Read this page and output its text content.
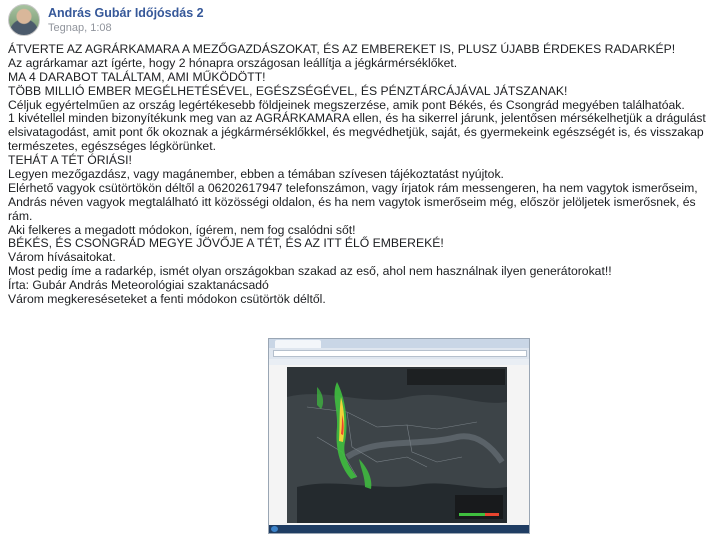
András Gubár Időjósdás 2
Tegnap, 1:08
ÁTVERTE AZ AGRÁRKAMARA A MEZŐGAZDÁSZOKAT, ÉS AZ EMBEREKET IS, PLUSZ ÚJABB ÉRDEKES RADARKÉP!
Az agrárkamar azt ígérte, hogy 2 hónapra országosan leállítja a jégkármérséklőket.
MA 4 DARABOT TALÁLTAM, AMI MŰKÖDÖTT!
TÖBB MILLIÓ EMBER MEGÉLHETÉSÉVEL, EGÉSZSÉGÉVEL, ÉS PÉNZTÁRCÁJÁVAL JÁTSZANAK!
Céljuk egyértelműen az ország legértékesebb földjeinek megszerzése, amik pont Békés, és Csongrád megyében találhatóak.
1 kivétellel minden bizonyítékunk meg van az AGRÁRKAMARA ellen, és ha sikerrel járunk, jelentősen mérsékelhetjük a drágulást
elsivatagodást, amit pont ők okoznak a jégkármérséklőkkel, és megvédhetjük, saját, és gyermekeink egészségét is, és visszakap
természetes, egészséges légkörünket.
TEHÁT A TÉT ÓRIÁSI!
Legyen mezőgazdász, vagy magánember, ebben a témában szívesen tájékoztatást nyújtok.
Elérhető vagyok csütörtökön déltől a 06202617947 telefonszámon, vagy írjatok rám messengeren, ha nem vagytok ismerőseim,
András néven vagyok megtalálható itt közösségi oldalon, és ha nem vagytok ismerőseim még, először jelöljetek ismerősnek, és
rám.
Aki felkeres a megadott módokon, ígérem, nem fog csalódni sőt!
BÉKÉS, ÉS CSONGRÁD MEGYE JÖVŐJE A TÉT, ÉS AZ ITT ÉLŐ EMBEREKÉ!
Várom hívásaitokat.
Most pedig íme a radarkép, ismét olyan országokban szakad az eső, ahol nem használnak ilyen generátorokat!!
Írta: Gubár András Meteorológiai szaktanácsadó
Várom megkereséseteket a fenti módokon csütörtök déltől.
